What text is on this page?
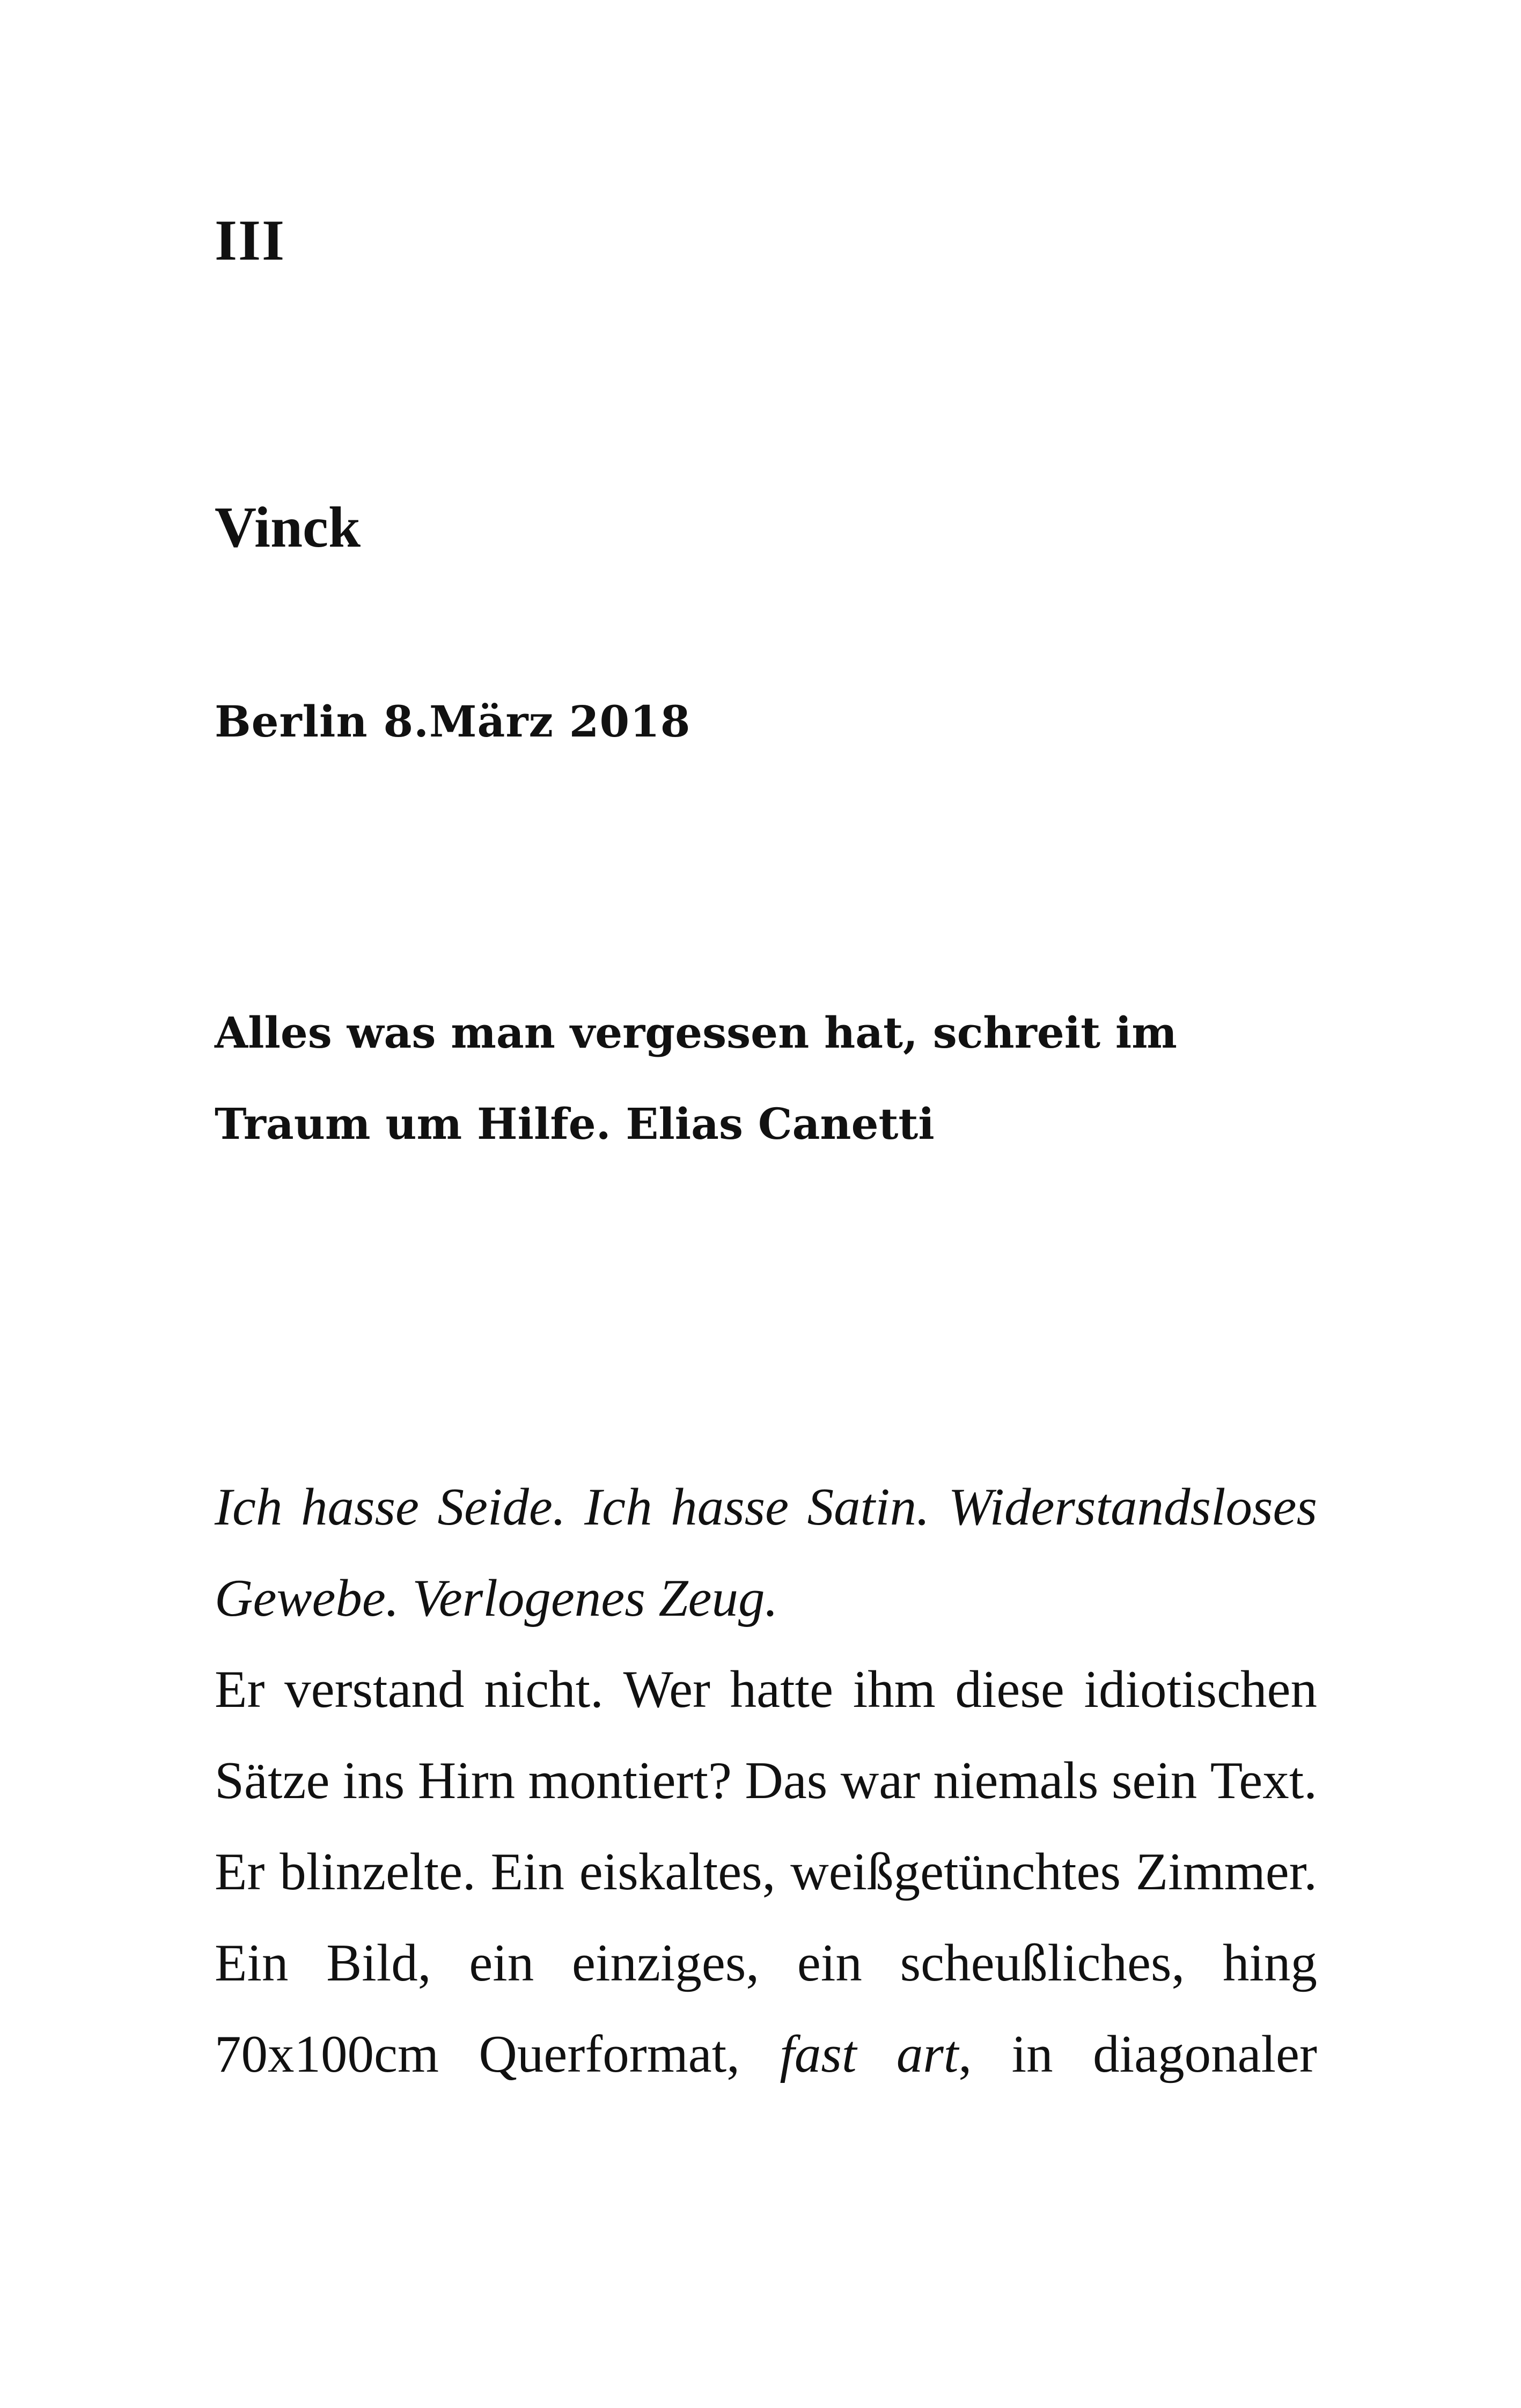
III
Vinck
Berlin 8.März 2018
Alles was man vergessen hat, schreit im
Traum um Hilfe. Elias Canetti
Ich hasse Seide. Ich hasse Satin. Widerstandsloses
Gewebe. Verlogenes Zeug.
Er verstand nicht. Wer hatte ihm diese idiotischen
Sätze ins Hirn montiert? Das war niemals sein Text.
Er blinzelte. Ein eiskaltes, weißgetünchtes Zimmer.
Ein Bild, ein einziges, ein scheußliches, hing
70x100cm Querformat, fast art, in diagonaler
